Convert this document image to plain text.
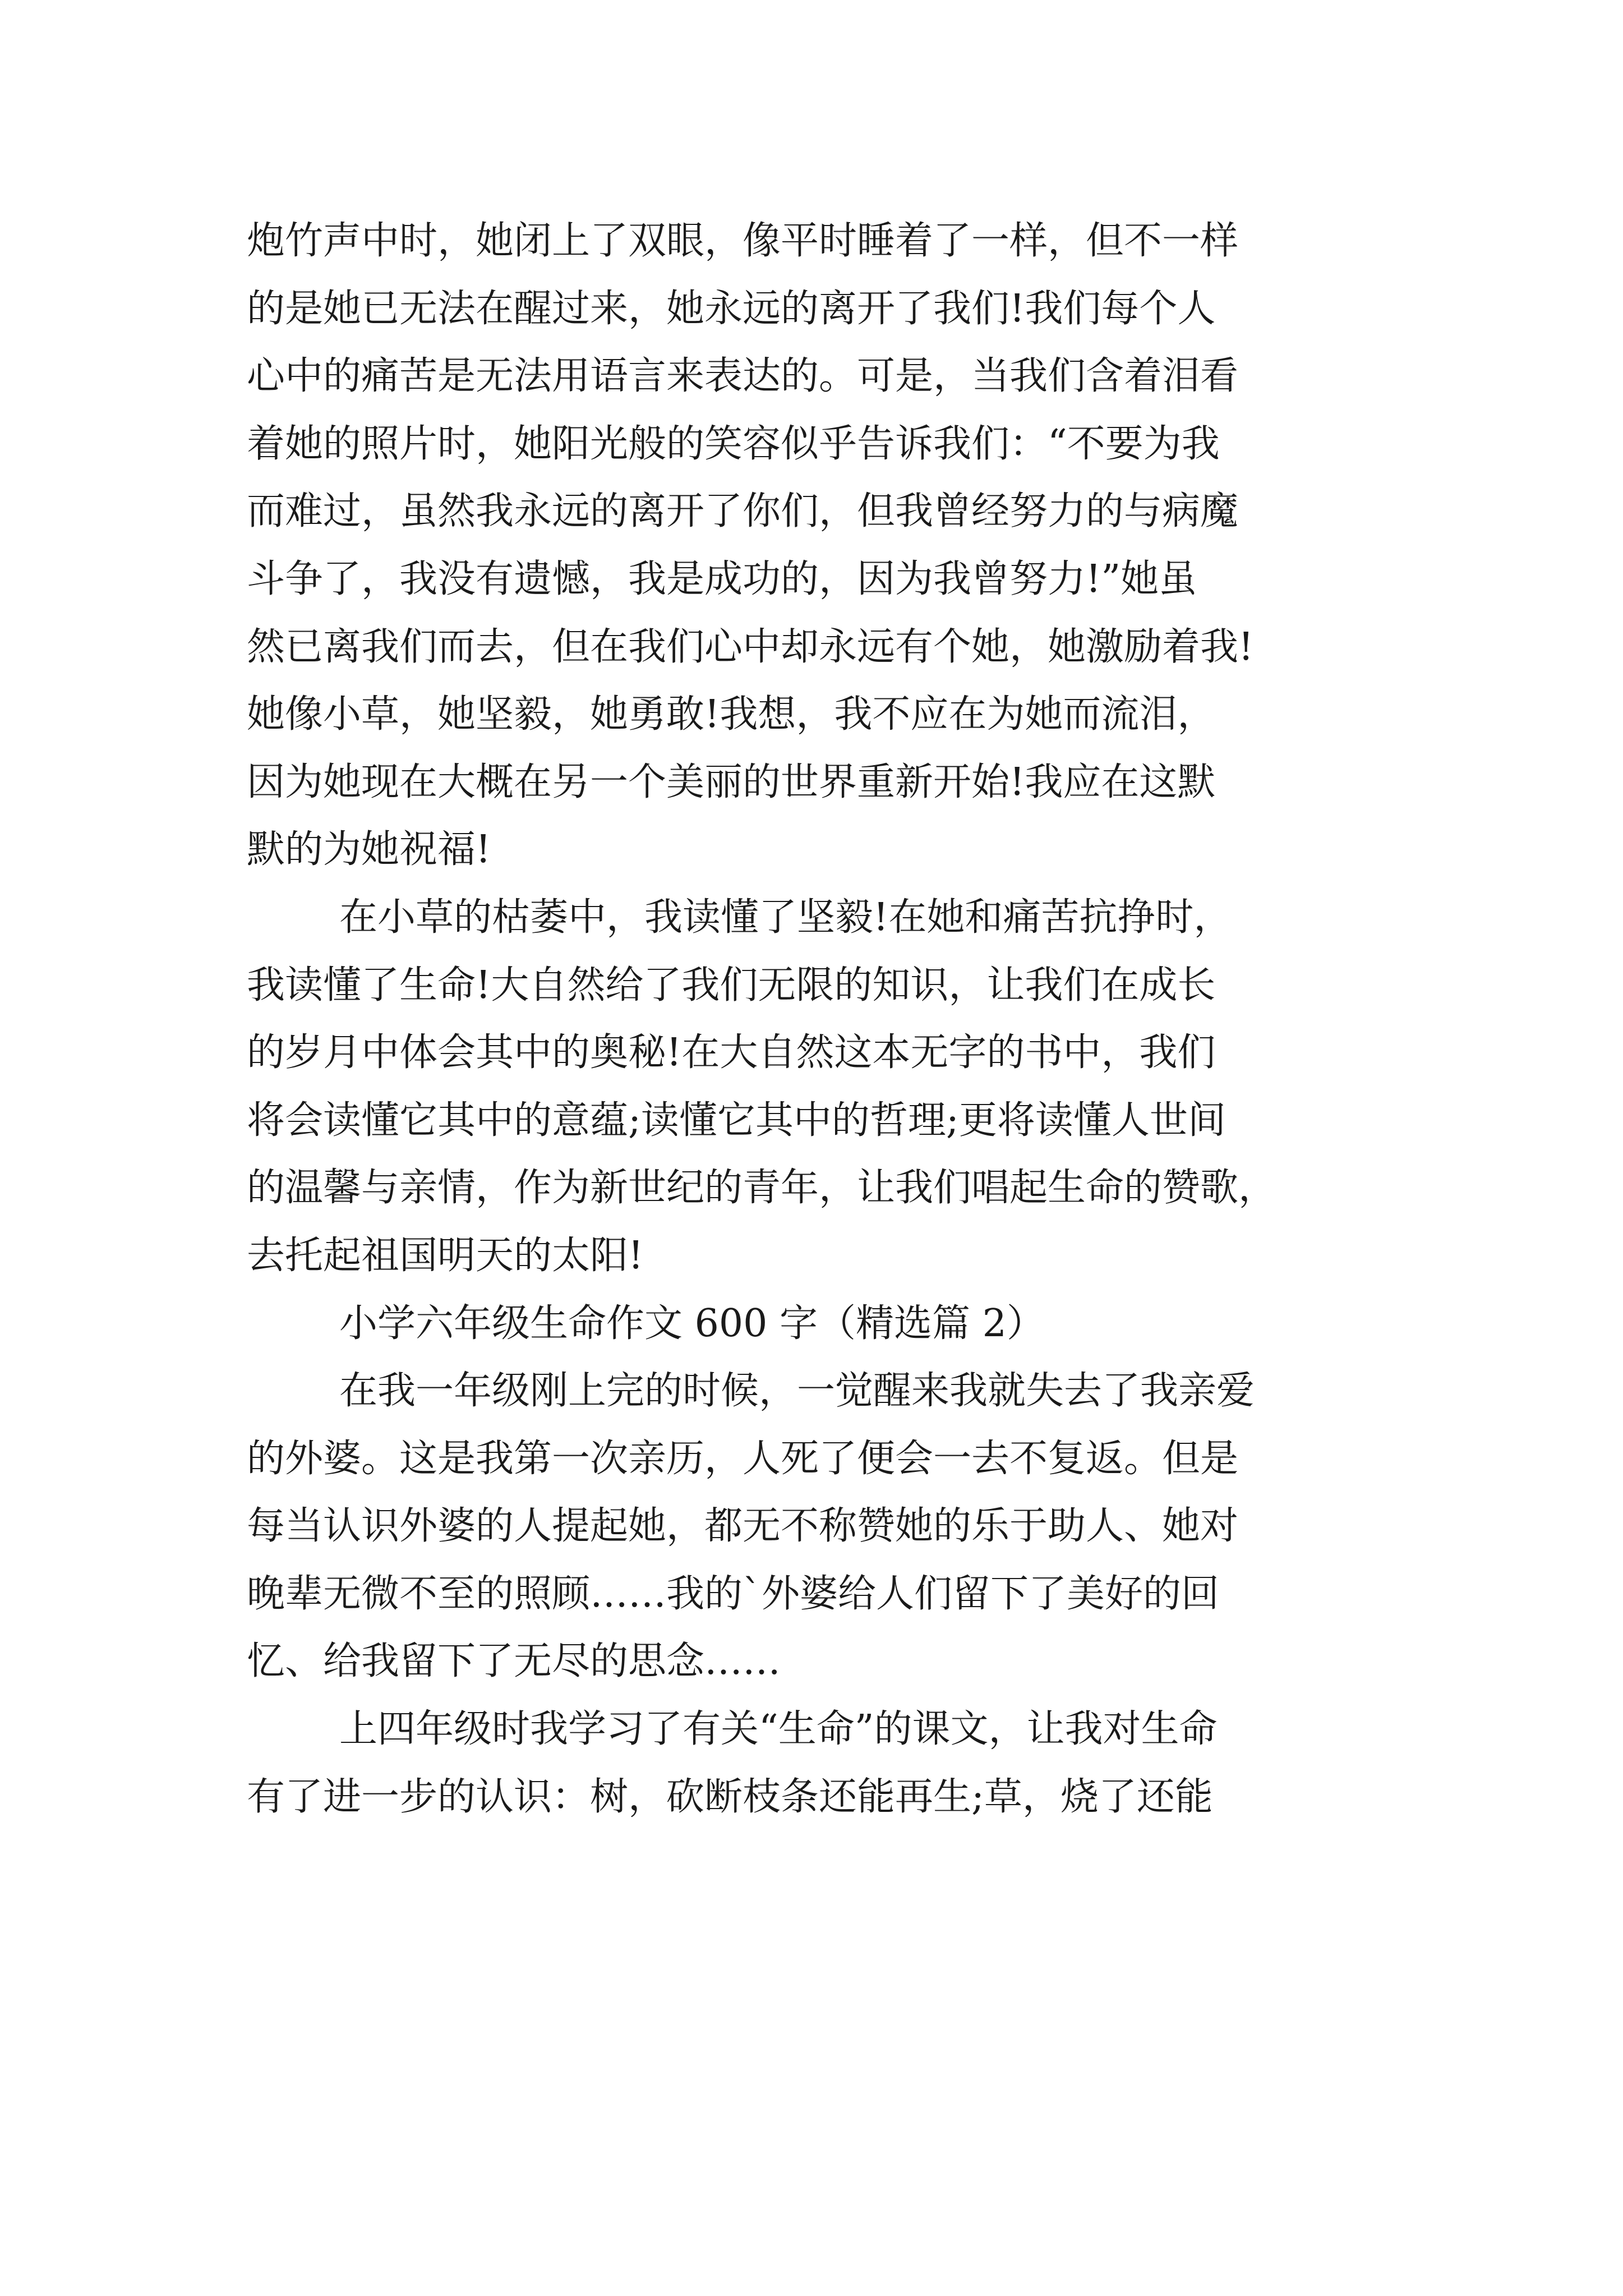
炮竹声中时，她闭上了双眼，像平时睡着了一样，但不一样
的是她已无法在醒过来，她永远的离开了我们!我们每个人
心中的痛苦是无法用语言来表达的。可是，当我们含着泪看
着她的照片时，她阳光般的笑容似乎告诉我们：“不要为我
而难过，虽然我永远的离开了你们，但我曾经努力的与病魔
斗争了，我没有遗憾，我是成功的，因为我曾努力!”她虽
然已离我们而去，但在我们心中却永远有个她，她激励着我!
她像小草，她坚毅，她勇敢!我想，我不应在为她而流泪，
因为她现在大概在另一个美丽的世界重新开始!我应在这默
默的为她祝福!
在小草的枯萎中，我读懂了坚毅!在她和痛苦抗挣时，
我读懂了生命!大自然给了我们无限的知识，让我们在成长
的岁月中体会其中的奥秘!在大自然这本无字的书中，我们
将会读懂它其中的意蕴;读懂它其中的哲理;更将读懂人世间
的温馨与亲情，作为新世纪的青年，让我们唱起生命的赞歌，
去托起祖国明天的太阳!
小学六年级生命作文 600 字（精选篇 2）
在我一年级刚上完的时候，一觉醒来我就失去了我亲爱
的外婆。这是我第一次亲历，人死了便会一去不复返。但是
每当认识外婆的人提起她，都无不称赞她的乐于助人、她对
晚辈无微不至的照顾……我的`外婆给人们留下了美好的回
忆、给我留下了无尽的思念……
上四年级时我学习了有关“生命”的课文，让我对生命
有了进一步的认识：树，砍断枝条还能再生;草，烧了还能
